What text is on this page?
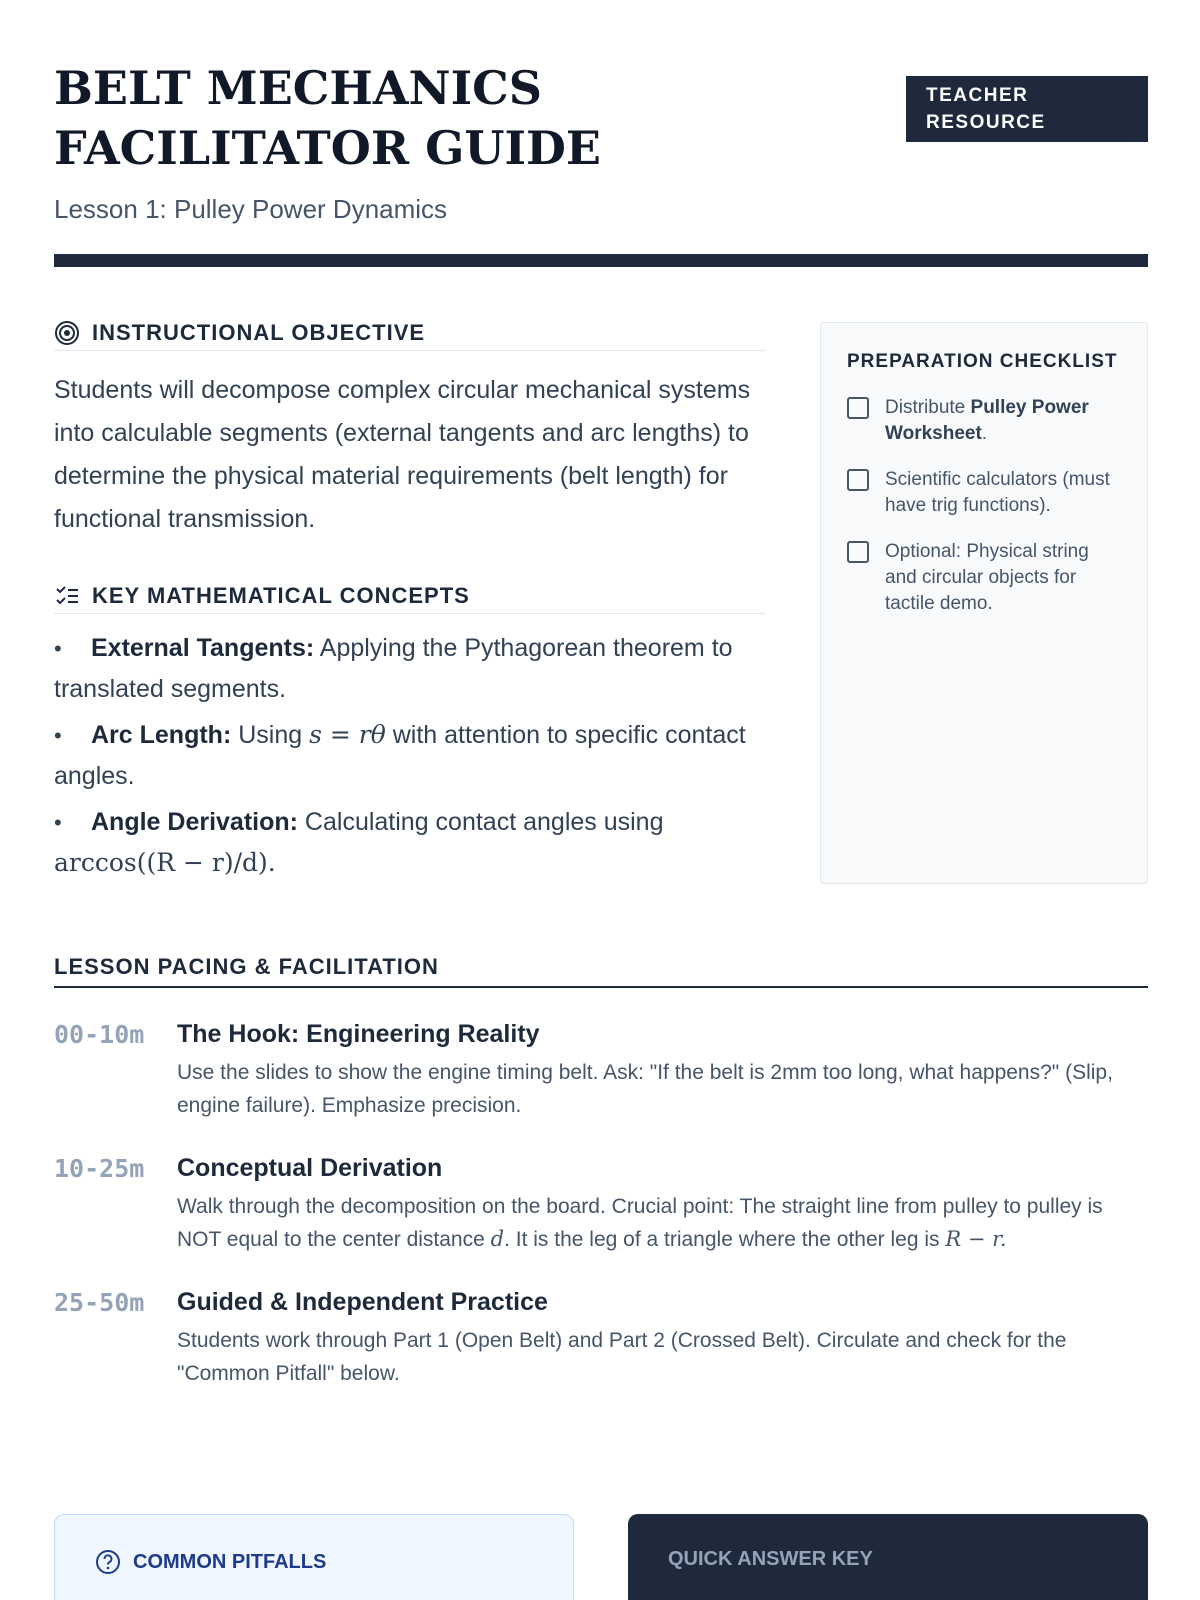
BELT MECHANICS FACILITATOR GUIDE
Lesson 1: Pulley Power Dynamics
TEACHER RESOURCE
INSTRUCTIONAL OBJECTIVE

Students will decompose complex circular mechanical systems into calculable segments (external tangents and arc lengths) to determine the physical material requirements (belt length) for functional transmission.

KEY MATHEMATICAL CONCEPTS
• External Tangents: Applying the Pythagorean theorem to translated segments.
• Arc Length: Using s = rθ with attention to specific contact angles.
• Angle Derivation: Calculating contact angles using arccos((R − r)/d).
PREPARATION CHECKLIST
Distribute Pulley Power Worksheet.
Scientific calculators (must have trig functions).
Optional: Physical string and circular objects for tactile demo.
LESSON PACING & FACILITATION
00-10m	The Hook: Engineering Reality
Use the slides to show the engine timing belt. Ask: "If the belt is 2mm too long, what happens?" (Slip, engine failure). Emphasize precision.
10-25m	Conceptual Derivation
Walk through the decomposition on the board. Crucial point: The straight line from pulley to pulley is NOT equal to the center distance d. It is the leg of a triangle where the other leg is R − r.
25-50m	Guided & Independent Practice
Students work through Part 1 (Open Belt) and Part 2 (Crossed Belt). Circulate and check for the "Common Pitfall" below.
COMMON PITFALLS	QUICK ANSWER KEY
